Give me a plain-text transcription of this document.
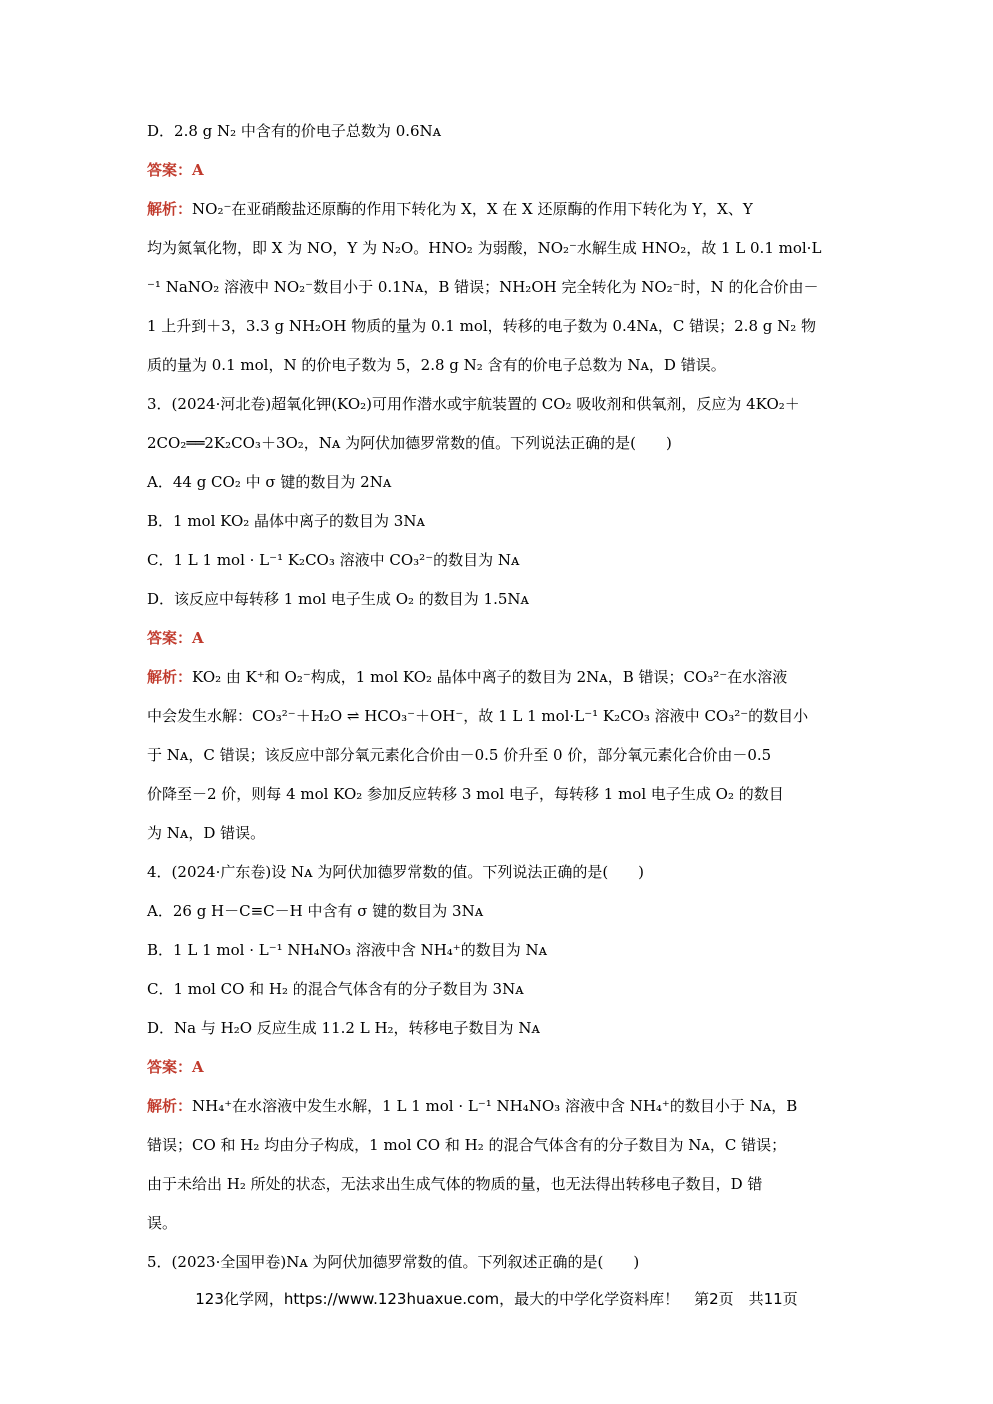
D．2.8 g N₂ 中含有的价电子总数为 0.6Nᴀ
答案：A
解析：NO₂⁻在亚硝酸盐还原酶的作用下转化为 X，X 在 X 还原酶的作用下转化为 Y，X、Y
均为氮氧化物，即 X 为 NO，Y 为 N₂O。HNO₂ 为弱酸，NO₂⁻水解生成 HNO₂，故 1 L 0.1 mol·L
⁻¹ NaNO₂ 溶液中 NO₂⁻数目小于 0.1Nᴀ，B 错误；NH₂OH 完全转化为 NO₂⁻时，N 的化合价由－
1 上升到＋3，3.3 g NH₂OH 物质的量为 0.1 mol，转移的电子数为 0.4Nᴀ，C 错误；2.8 g N₂ 物
质的量为 0.1 mol，N 的价电子数为 5，2.8 g N₂ 含有的价电子总数为 Nᴀ，D 错误。
3．(2024·河北卷)超氧化钾(KO₂)可用作潜水或宇航装置的 CO₂ 吸收剂和供氧剂，反应为 4KO₂＋
2CO₂══2K₂CO₃＋3O₂，Nᴀ 为阿伏加德罗常数的值。下列说法正确的是(　　)
A．44 g CO₂ 中 σ 键的数目为 2Nᴀ
B．1 mol KO₂ 晶体中离子的数目为 3Nᴀ
C．1 L 1 mol · L⁻¹ K₂CO₃ 溶液中 CO₃²⁻的数目为 Nᴀ
D．该反应中每转移 1 mol 电子生成 O₂ 的数目为 1.5Nᴀ
答案：A
解析：KO₂ 由 K⁺和 O₂⁻构成，1 mol KO₂ 晶体中离子的数目为 2Nᴀ，B 错误；CO₃²⁻在水溶液
中会发生水解：CO₃²⁻＋H₂O ⇌ HCO₃⁻＋OH⁻，故 1 L 1 mol·L⁻¹ K₂CO₃ 溶液中 CO₃²⁻的数目小
于 Nᴀ，C 错误；该反应中部分氧元素化合价由－0.5 价升至 0 价，部分氧元素化合价由－0.5
价降至－2 价，则每 4 mol KO₂ 参加反应转移 3 mol 电子，每转移 1 mol 电子生成 O₂ 的数目
为 Nᴀ，D 错误。
4．(2024·广东卷)设 Nᴀ 为阿伏加德罗常数的值。下列说法正确的是(　　)
A．26 g H－C≡C－H 中含有 σ 键的数目为 3Nᴀ
B．1 L 1 mol · L⁻¹ NH₄NO₃ 溶液中含 NH₄⁺的数目为 Nᴀ
C．1 mol CO 和 H₂ 的混合气体含有的分子数目为 3Nᴀ
D．Na 与 H₂O 反应生成 11.2 L H₂，转移电子数目为 Nᴀ
答案：A
解析：NH₄⁺在水溶液中发生水解，1 L 1 mol · L⁻¹ NH₄NO₃ 溶液中含 NH₄⁺的数目小于 Nᴀ，B
错误；CO 和 H₂ 均由分子构成，1 mol CO 和 H₂ 的混合气体含有的分子数目为 Nᴀ，C 错误；
由于未给出 H₂ 所处的状态，无法求出生成气体的物质的量，也无法得出转移电子数目，D 错
误。
5．(2023·全国甲卷)Nᴀ 为阿伏加德罗常数的值。下列叙述正确的是(　　)
123化学网，https://www.123huaxue.com，最大的中学化学资料库！　第2页　共11页
